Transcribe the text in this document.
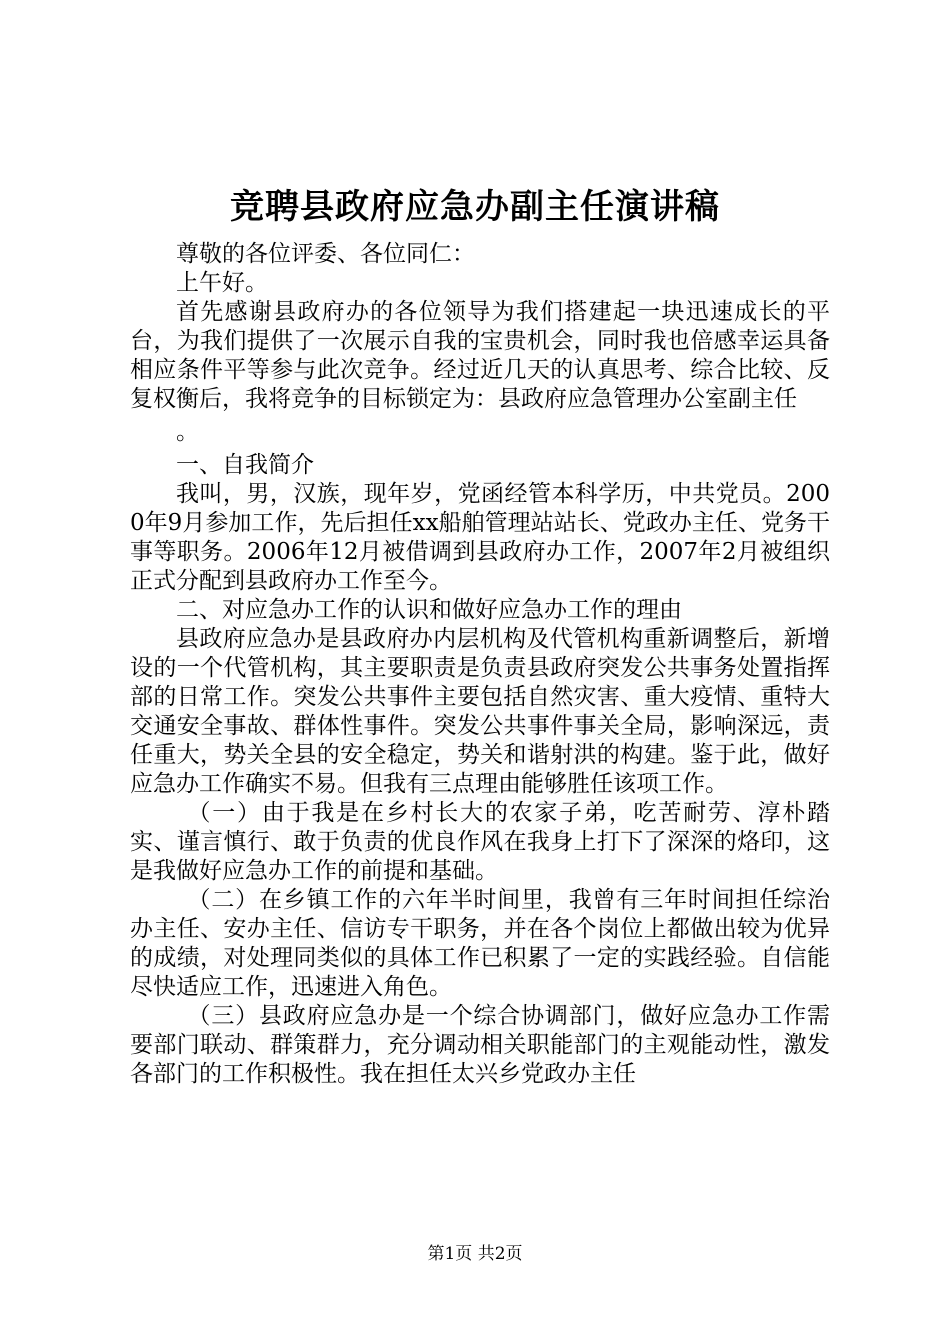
竞聘县政府应急办副主任演讲稿

尊敬的各位评委、各位同仁：

上午好。

首先感谢县政府办的各位领导为我们搭建起一块迅速成长的平台，为我们提供了一次展示自我的宝贵机会，同时我也倍感幸运具备相应条件平等参与此次竞争。经过近几天的认真思考、综合比较、反复权衡后，我将竞争的目标锁定为：县政府应急管理办公室副主任

。

一、自我简介

我叫，男，汉族，现年岁，党函经管本科学历，中共党员。2000年9月参加工作，先后担任xx船舶管理站站长、党政办主任、党务干事等职务。2006年12月被借调到县政府办工作，2007年2月被组织正式分配到县政府办工作至今。

二、对应急办工作的认识和做好应急办工作的理由

县政府应急办是县政府办内层机构及代管机构重新调整后，新增设的一个代管机构，其主要职责是负责县政府突发公共事务处置指挥部的日常工作。突发公共事件主要包括自然灾害、重大疫情、重特大交通安全事故、群体性事件。突发公共事件事关全局，影响深远，责任重大，势关全县的安全稳定，势关和谐射洪的构建。鉴于此，做好应急办工作确实不易。但我有三点理由能够胜任该项工作。

（一）由于我是在乡村长大的农家子弟，吃苦耐劳、淳朴踏实、谨言慎行、敢于负责的优良作风在我身上打下了深深的烙印，这是我做好应急办工作的前提和基础。

（二）在乡镇工作的六年半时间里，我曾有三年时间担任综治办主任、安办主任、信访专干职务，并在各个岗位上都做出较为优异的成绩，对处理同类似的具体工作已积累了一定的实践经验。自信能尽快适应工作，迅速进入角色。

（三）县政府应急办是一个综合协调部门，做好应急办工作需要部门联动、群策群力，充分调动相关职能部门的主观能动性，激发各部门的工作积极性。我在担任太兴乡党政办主任

第1页 共2页
